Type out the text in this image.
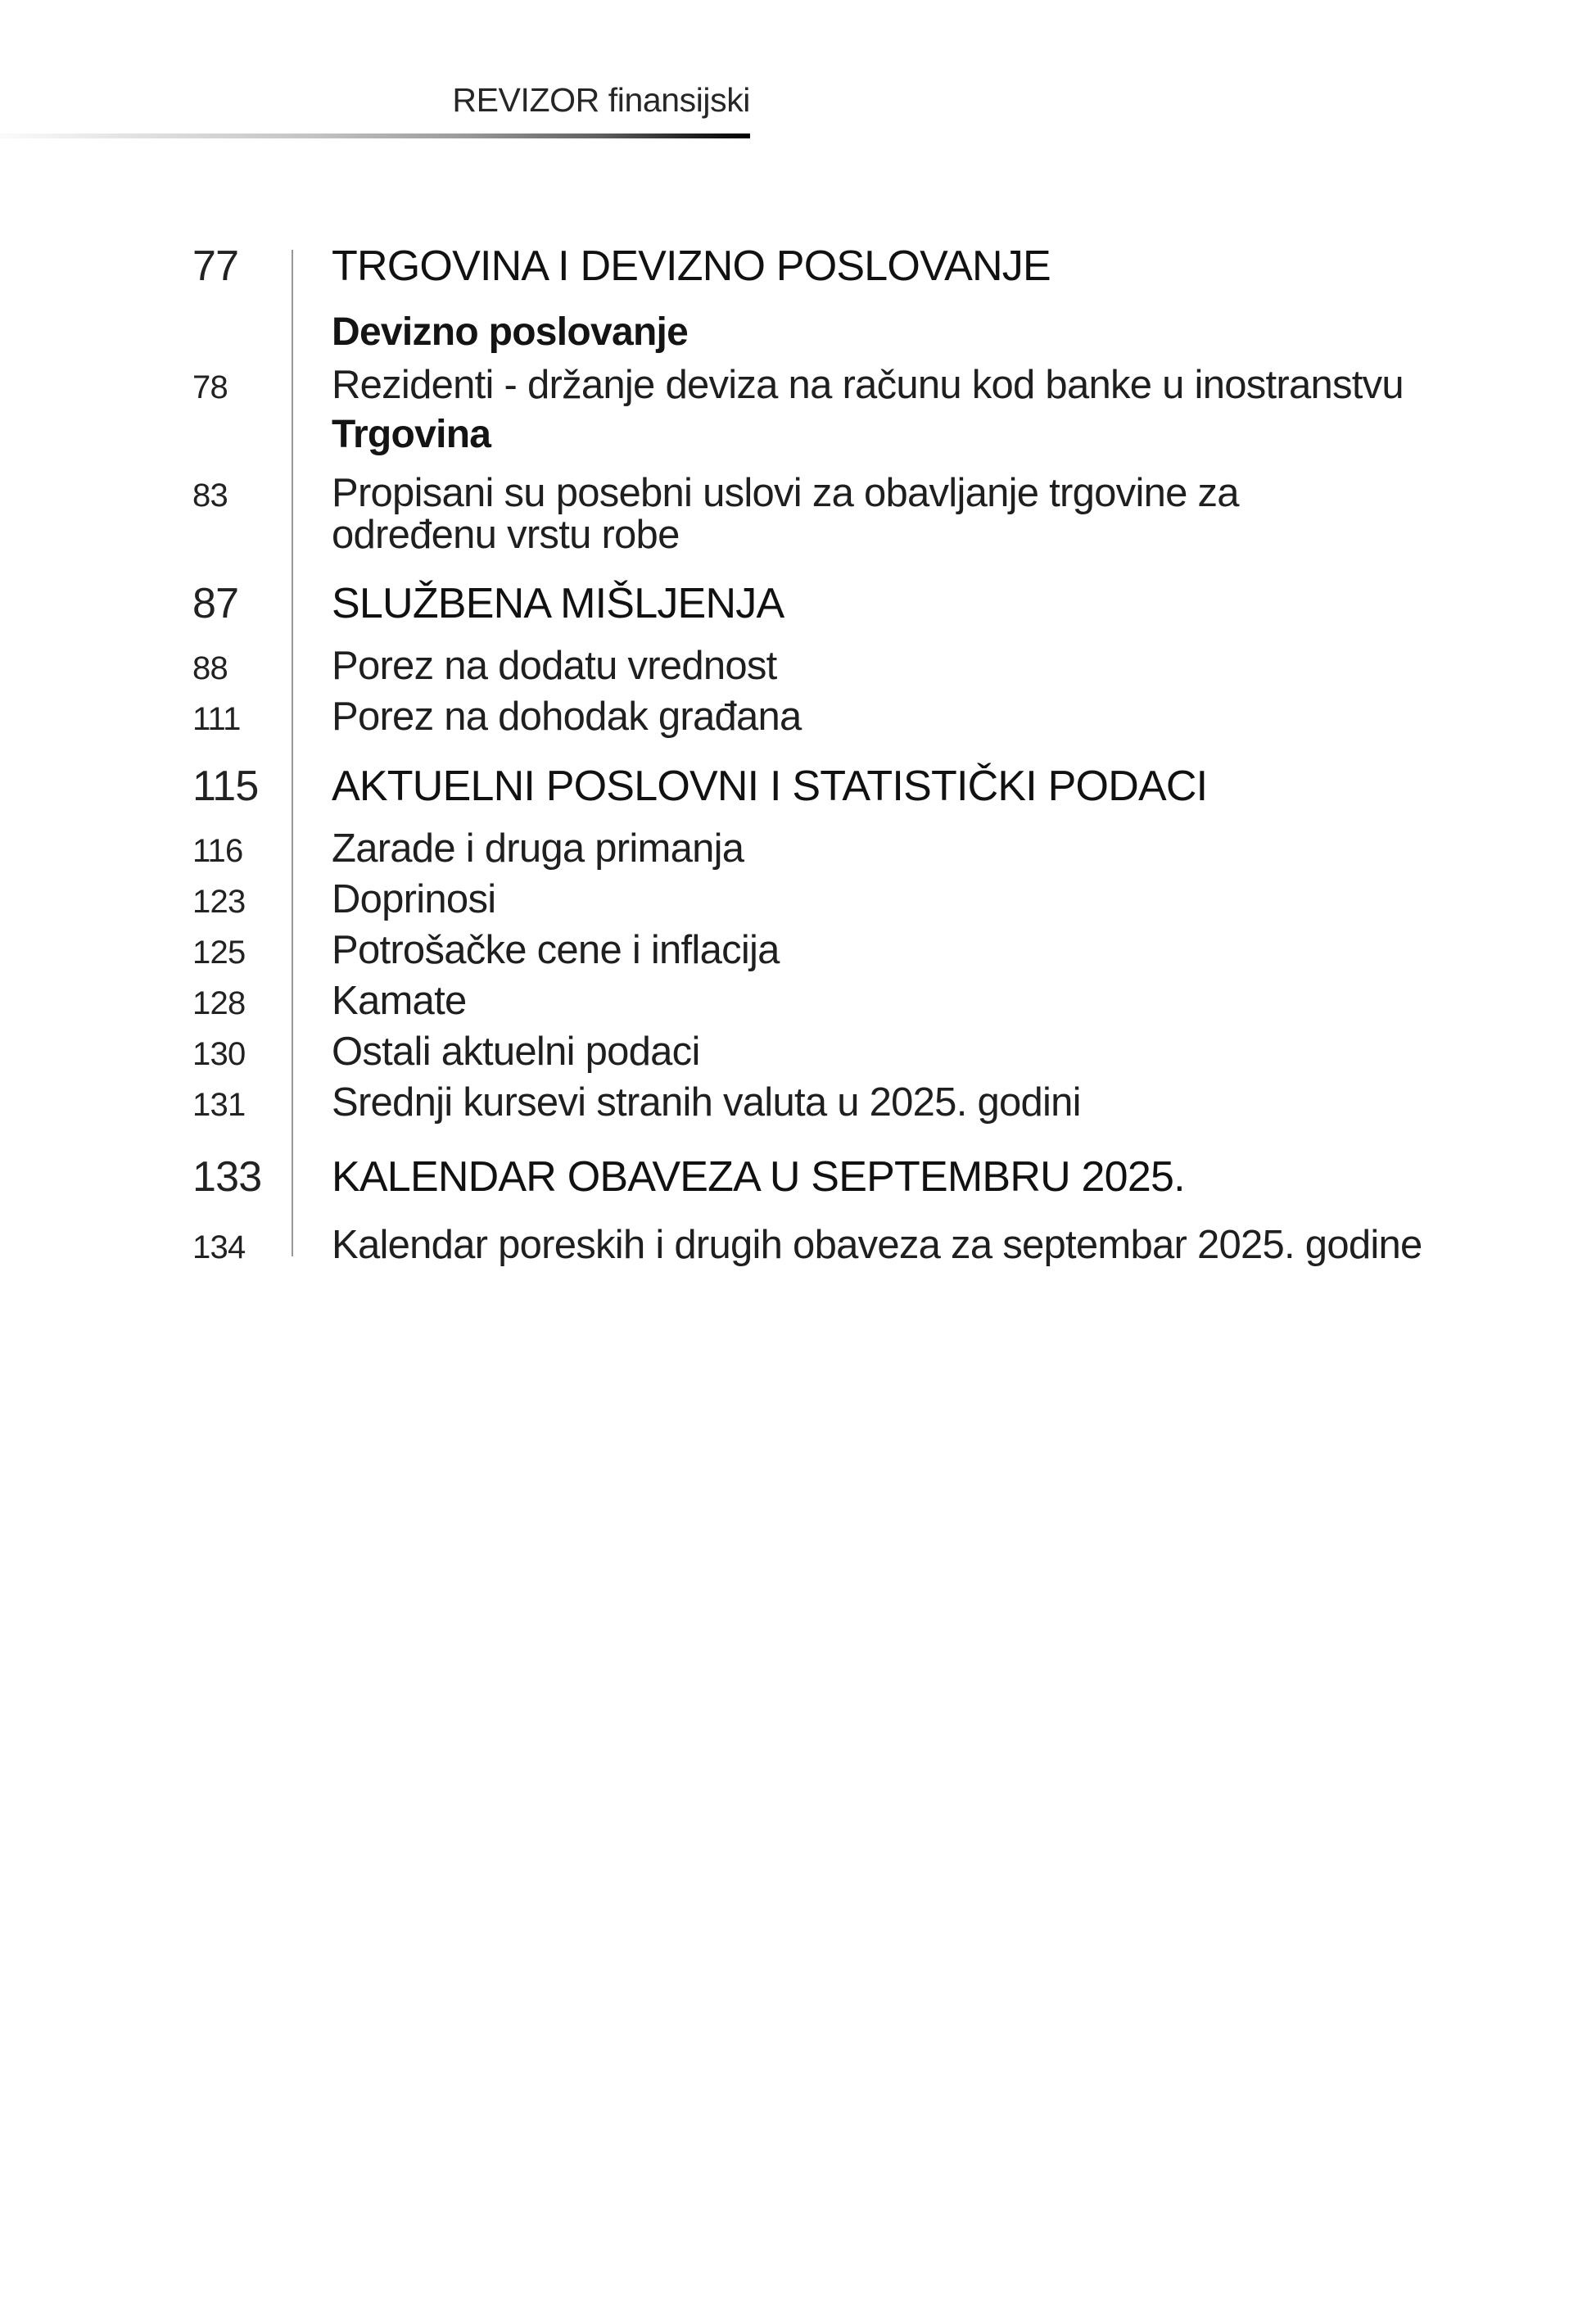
REVIZOR finansijski
77	TRGOVINA I DEVIZNO POSLOVANJE
Devizno poslovanje
78	Rezidenti - držanje deviza na računu kod banke u inostranstvu
Trgovina
83	Propisani su posebni uslovi za obavljanje trgovine za
određenu vrstu robe
87	SLUŽBENA MIŠLJENJA
88	Porez na dodatu vrednost
111	Porez na dohodak građana
115	AKTUELNI POSLOVNI I STATISTIČKI PODACI
116	Zarade i druga primanja
123	Doprinosi
125	Potrošačke cene i inflacija
128	Kamate
130	Ostali aktuelni podaci
131	Srednji kursevi stranih valuta u 2025. godini
133	KALENDAR OBAVEZA U SEPTEMBRU 2025.
134	Kalendar poreskih i drugih obaveza za septembar 2025. godine
